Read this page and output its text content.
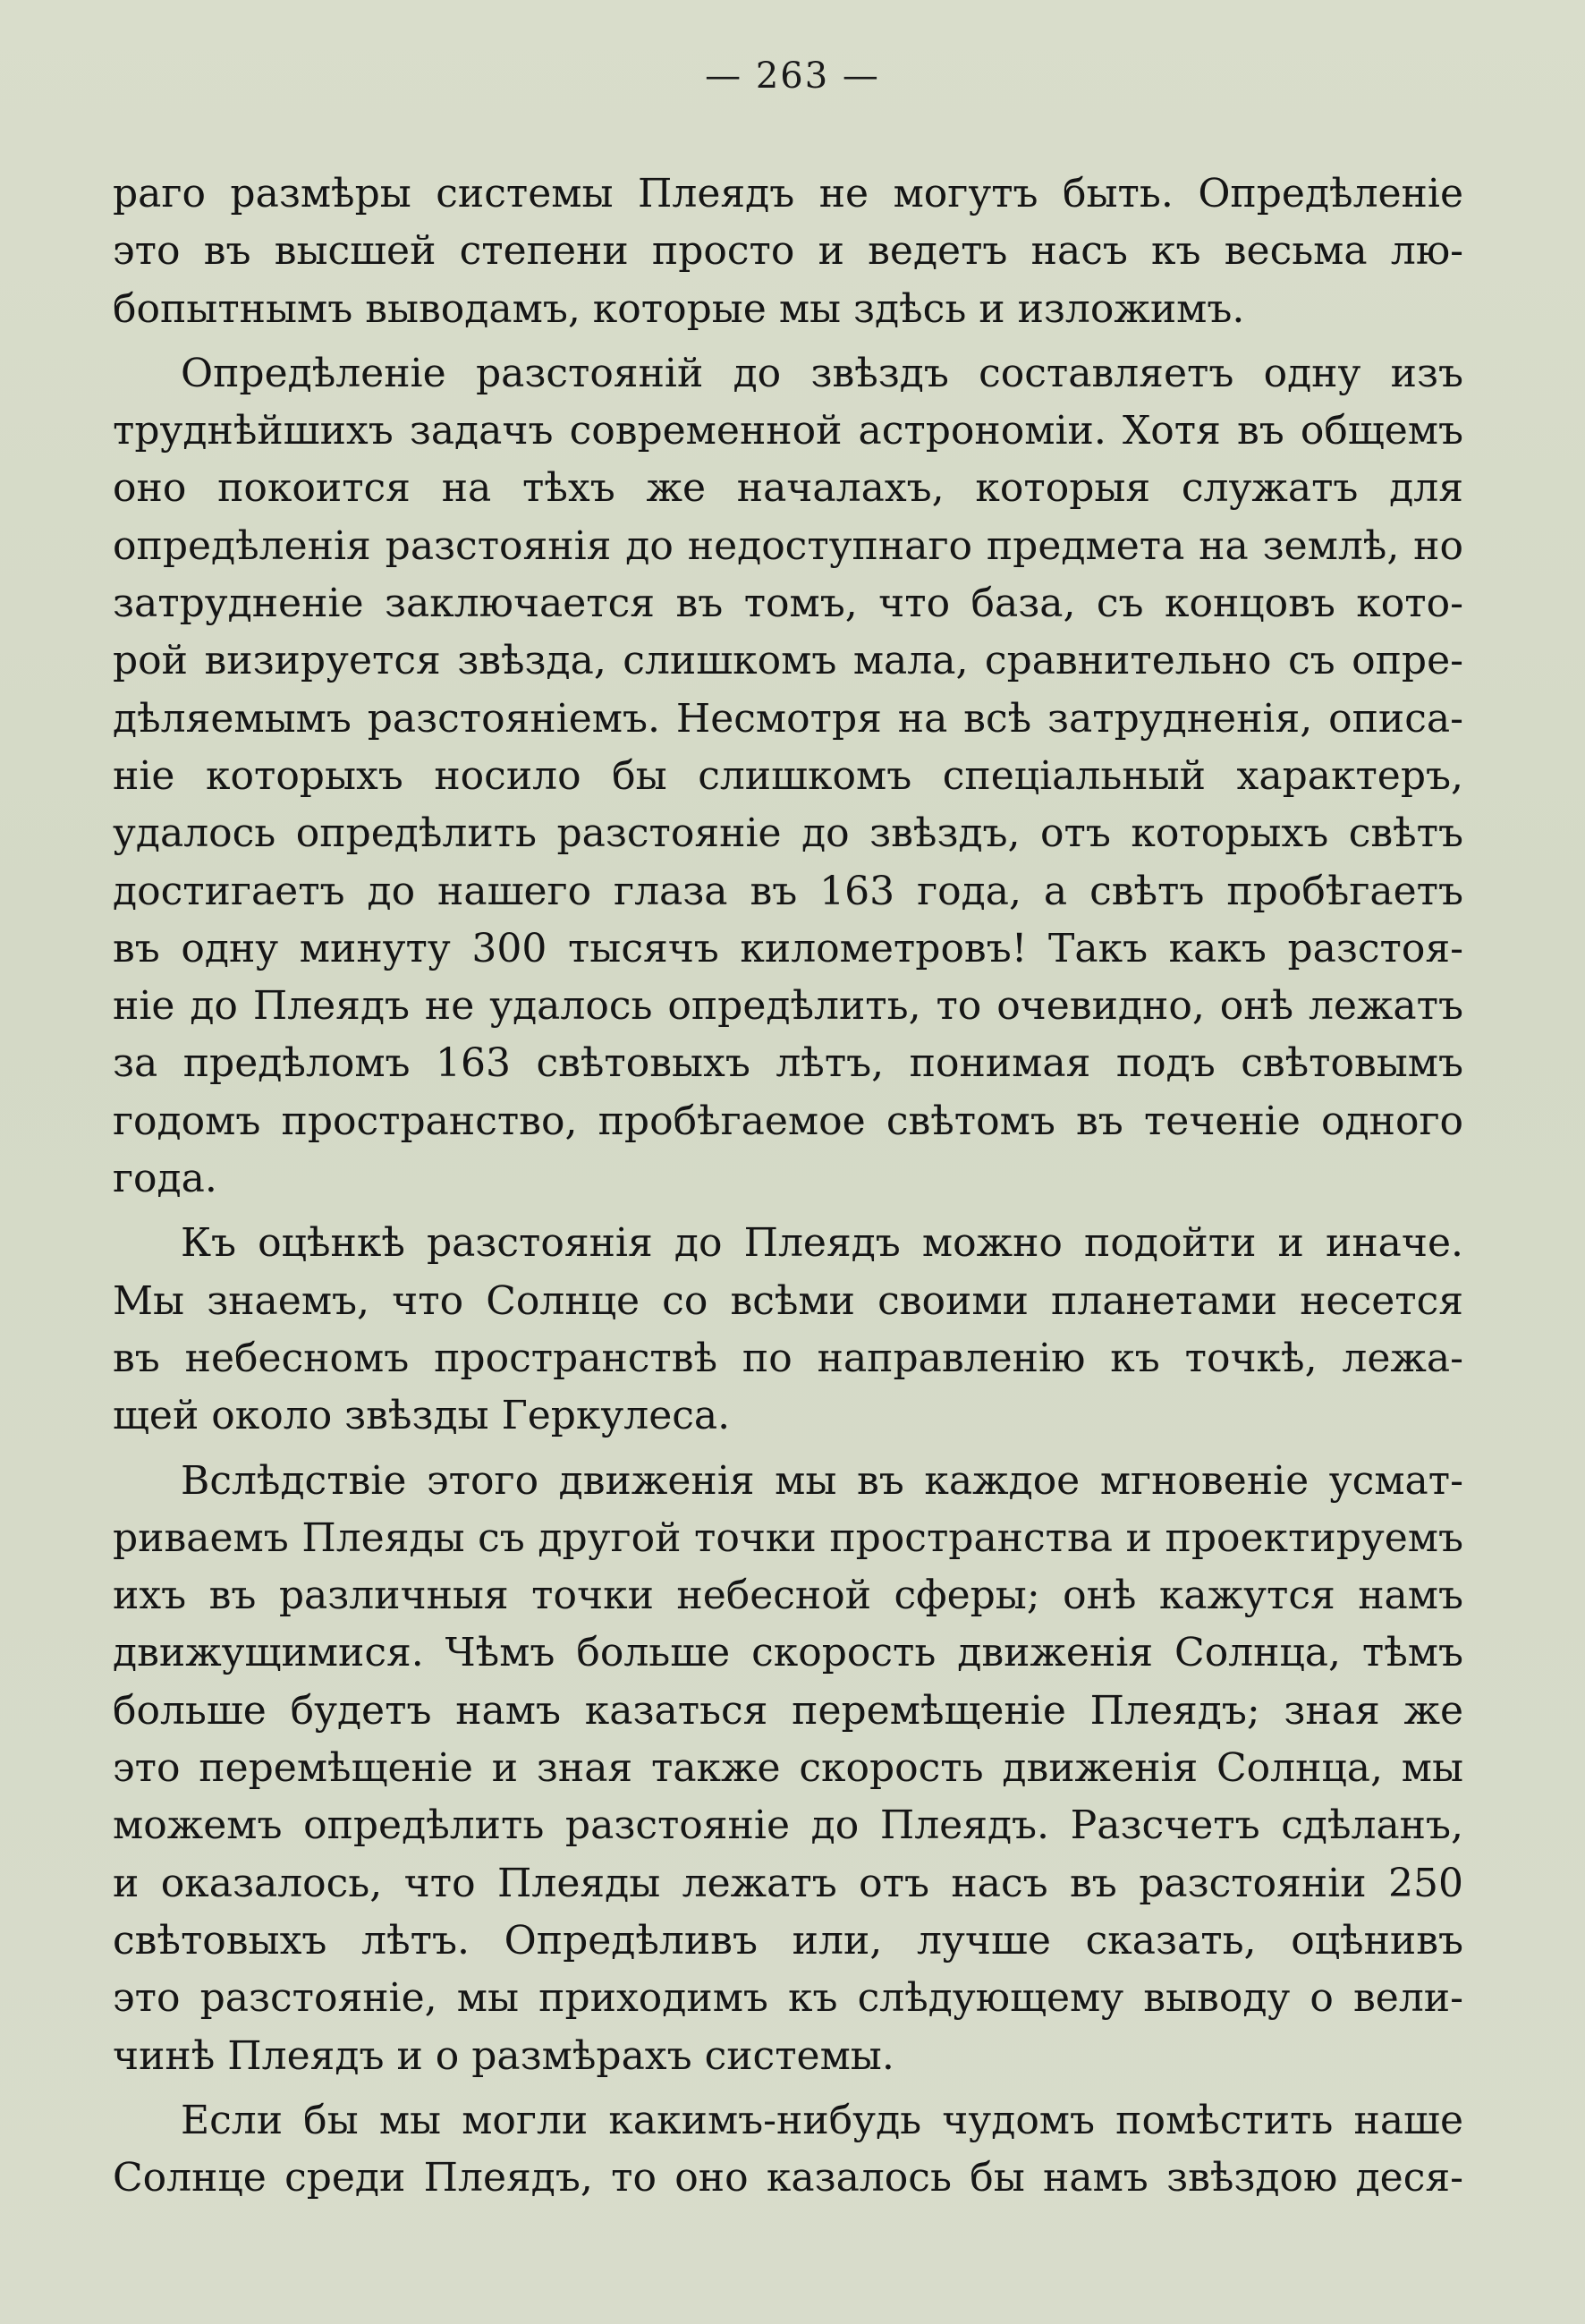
— 263 —
раго размѣры системы Плеядъ не могутъ быть. Опредѣленіе
это въ высшей степени просто и ведетъ насъ къ весьма лю-
бопытнымъ выводамъ, которые мы здѣсь и изложимъ.
Опредѣленіе разстояній до звѣздъ составляетъ одну изъ
труднѣйшихъ задачъ современной астрономіи. Хотя въ общемъ
оно покоится на тѣхъ же началахъ, которыя служатъ для
опредѣленія разстоянія до недоступнаго предмета на землѣ, но
затрудненіе заключается въ томъ, что база, съ концовъ кото-
рой визируется звѣзда, слишкомъ мала, сравнительно съ опре-
дѣляемымъ разстояніемъ. Несмотря на всѣ затрудненія, описа-
ніе которыхъ носило бы слишкомъ спеціальный характеръ,
удалось опредѣлить разстояніе до звѣздъ, отъ которыхъ свѣтъ
достигаетъ до нашего глаза въ 163 года, а свѣтъ пробѣгаетъ
въ одну минуту 300 тысячъ километровъ! Такъ какъ разстоя-
ніе до Плеядъ не удалось опредѣлить, то очевидно, онѣ лежатъ
за предѣломъ 163 свѣтовыхъ лѣтъ, понимая подъ свѣтовымъ
годомъ пространство, пробѣгаемое свѣтомъ въ теченіе одного
года.
Къ оцѣнкѣ разстоянія до Плеядъ можно подойти и иначе.
Мы знаемъ, что Солнце со всѣми своими планетами несется
въ небесномъ пространствѣ по направленію къ точкѣ, лежа-
щей около звѣзды Геркулеса.
Вслѣдствіе этого движенія мы въ каждое мгновеніе усмат-
риваемъ Плеяды съ другой точки пространства и проектируемъ
ихъ въ различныя точки небесной сферы; онѣ кажутся намъ
движущимися. Чѣмъ больше скорость движенія Солнца, тѣмъ
больше будетъ намъ казаться перемѣщеніе Плеядъ; зная же
это перемѣщеніе и зная также скорость движенія Солнца, мы
можемъ опредѣлить разстояніе до Плеядъ. Разсчетъ сдѣланъ,
и оказалось, что Плеяды лежатъ отъ насъ въ разстояніи 250
свѣтовыхъ лѣтъ. Опредѣливъ или, лучше сказать, оцѣнивъ
это разстояніе, мы приходимъ къ слѣдующему выводу о вели-
чинѣ Плеядъ и о размѣрахъ системы.
Если бы мы могли какимъ-нибудь чудомъ помѣстить наше
Солнце среди Плеядъ, то оно казалось бы намъ звѣздою деся-
